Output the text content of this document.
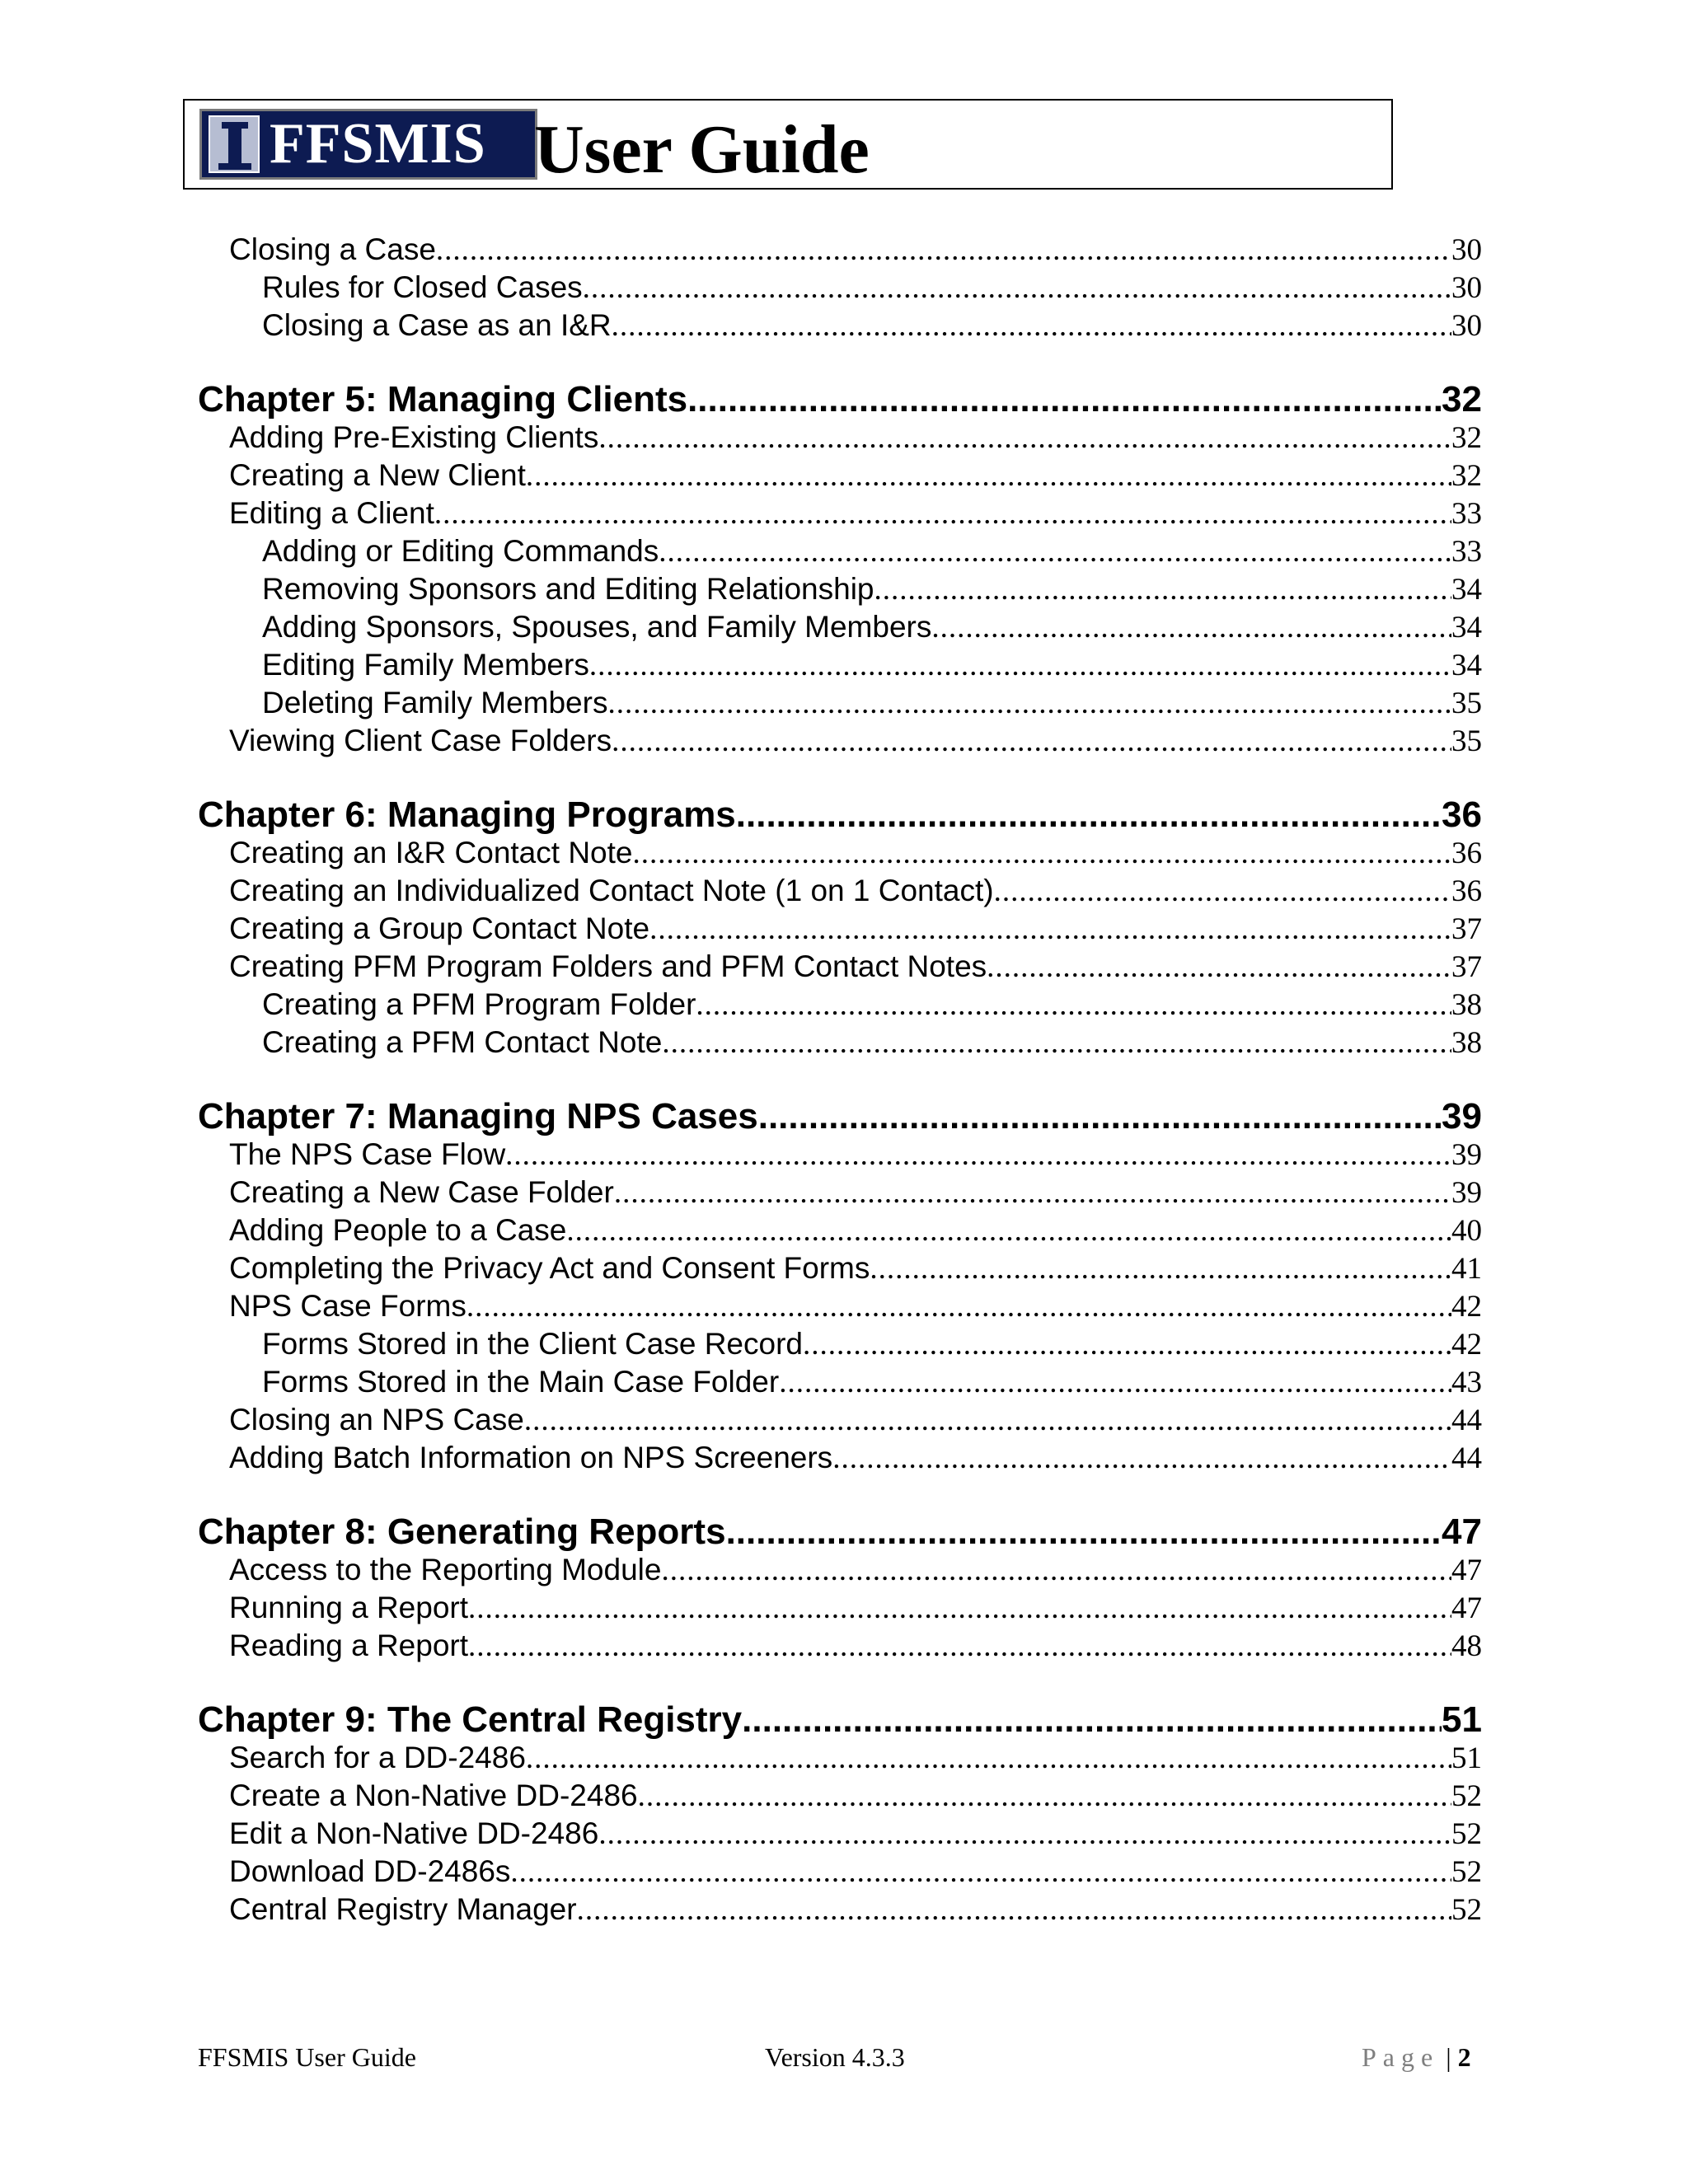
FFSMIS User Guide
Closing a Case .....	30
Rules for Closed Cases .....	30
Closing a Case as an I&R .....	30
Chapter 5: Managing Clients .....	32
Adding Pre-Existing Clients .....	32
Creating a New Client .....	32
Editing a Client .....	33
Adding or Editing Commands .....	33
Removing Sponsors and Editing Relationship .....	34
Adding Sponsors, Spouses, and Family Members .....	34
Editing Family Members .....	34
Deleting Family Members .....	35
Viewing Client Case Folders .....	35
Chapter 6: Managing Programs .....	36
Creating an I&R Contact Note .....	36
Creating an Individualized Contact Note (1 on 1 Contact) .....	36
Creating a Group Contact Note .....	37
Creating PFM Program Folders and PFM Contact Notes .....	37
Creating a PFM Program Folder .....	38
Creating a PFM Contact Note .....	38
Chapter 7: Managing NPS Cases .....	39
The NPS Case Flow .....	39
Creating a New Case Folder .....	39
Adding People to a Case .....	40
Completing the Privacy Act and Consent Forms .....	41
NPS Case Forms .....	42
Forms Stored in the Client Case Record .....	42
Forms Stored in the Main Case Folder .....	43
Closing an NPS Case .....	44
Adding Batch Information on NPS Screeners .....	44
Chapter 8: Generating Reports .....	47
Access to the Reporting Module .....	47
Running a Report .....	47
Reading a Report .....	48
Chapter 9: The Central Registry .....	51
Search for a DD-2486 .....	51
Create a Non-Native DD-2486 .....	52
Edit a Non-Native DD-2486 .....	52
Download DD-2486s .....	52
Central Registry Manager .....	52
FFSMIS User Guide	Version 4.3.3	Page | 2
